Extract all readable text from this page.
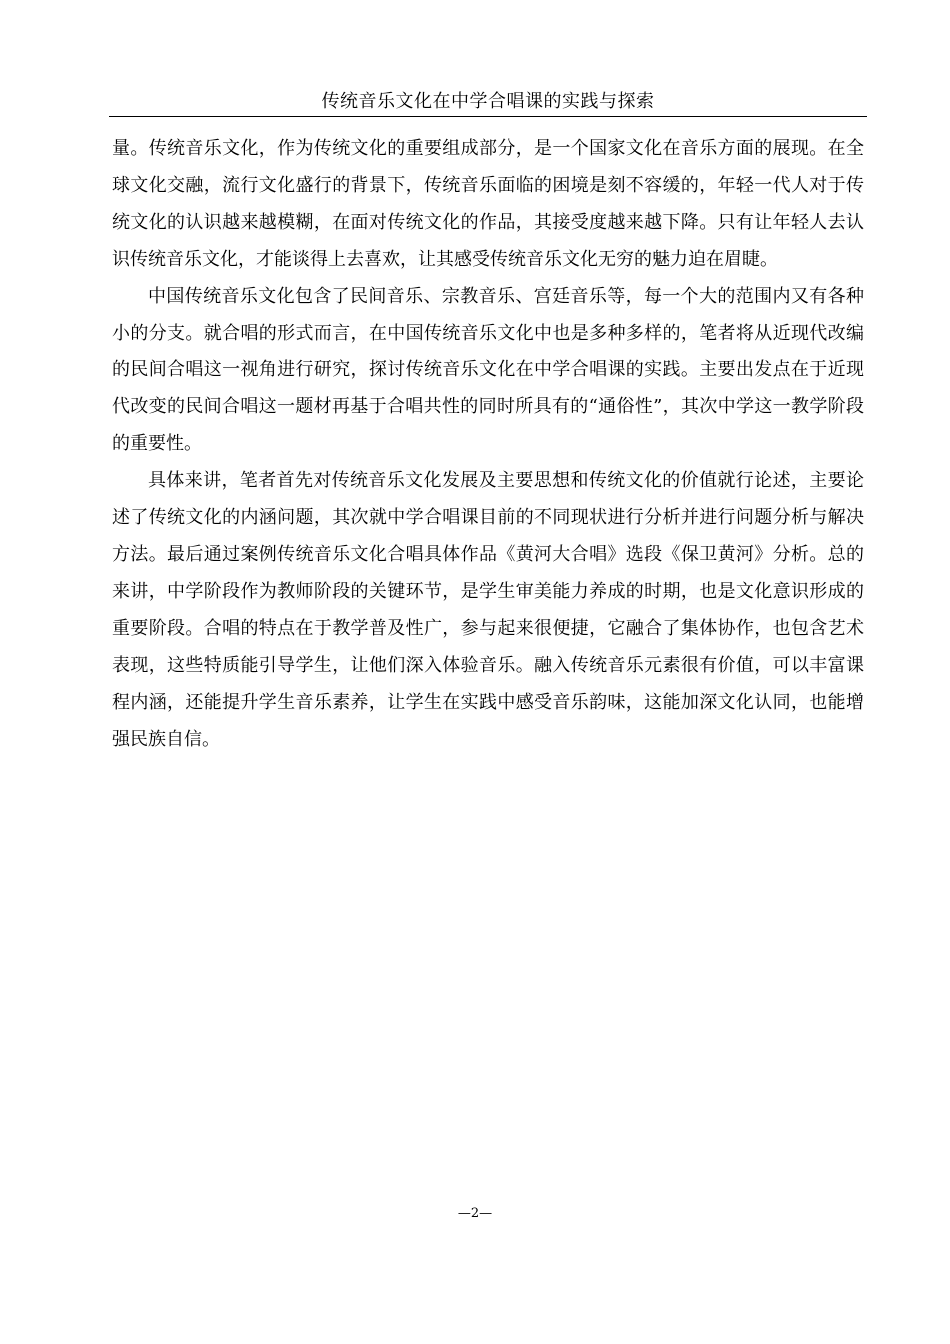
传统音乐文化在中学合唱课的实践与探索

量。传统音乐文化，作为传统文化的重要组成部分，是一个国家文化在音乐方面的展现。在全球文化交融，流行文化盛行的背景下，传统音乐面临的困境是刻不容缓的，年轻一代人对于传统文化的认识越来越模糊，在面对传统文化的作品，其接受度越来越下降。只有让年轻人去认识传统音乐文化，才能谈得上去喜欢，让其感受传统音乐文化无穷的魅力迫在眉睫。

中国传统音乐文化包含了民间音乐、宗教音乐、宫廷音乐等，每一个大的范围内又有各种小的分支。就合唱的形式而言，在中国传统音乐文化中也是多种多样的，笔者将从近现代改编的民间合唱这一视角进行研究，探讨传统音乐文化在中学合唱课的实践。主要出发点在于近现代改变的民间合唱这一题材再基于合唱共性的同时所具有的“通俗性”，其次中学这一教学阶段的重要性。

具体来讲，笔者首先对传统音乐文化发展及主要思想和传统文化的价值就行论述，主要论述了传统文化的内涵问题，其次就中学合唱课目前的不同现状进行分析并进行问题分析与解决方法。最后通过案例传统音乐文化合唱具体作品《黄河大合唱》选段《保卫黄河》分析。总的来讲，中学阶段作为教师阶段的关键环节，是学生审美能力养成的时期，也是文化意识形成的重要阶段。合唱的特点在于教学普及性广，参与起来很便捷，它融合了集体协作，也包含艺术表现，这些特质能引导学生，让他们深入体验音乐。融入传统音乐元素很有价值，可以丰富课程内涵，还能提升学生音乐素养，让学生在实践中感受音乐韵味，这能加深文化认同，也能增强民族自信。

—2—
